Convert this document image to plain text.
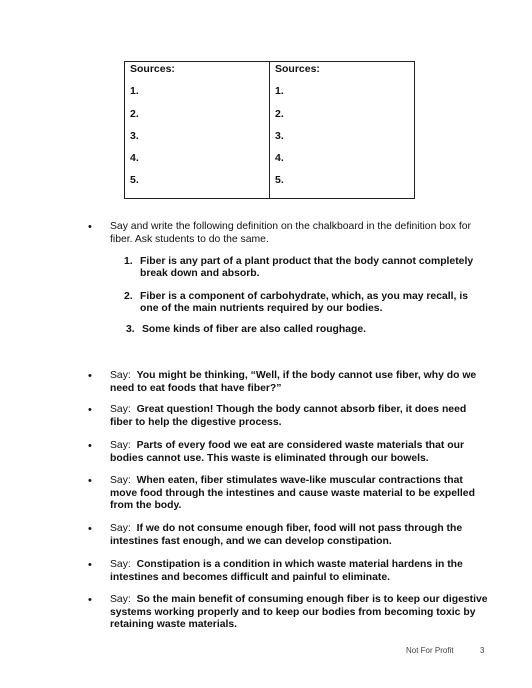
Sources:
1.
2.
3.
4.
5.

Sources:
1.
2.
3.
4.
5.
•	Say and write the following definition on the chalkboard in the definition box for fiber. Ask students to do the same.
1. Fiber is any part of a plant product that the body cannot completely break down and absorb.
2. Fiber is a component of carbohydrate, which, as you may recall, is one of the main nutrients required by our bodies.
3. Some kinds of fiber are also called roughage.
•	Say: You might be thinking, “Well, if the body cannot use fiber, why do we need to eat foods that have fiber?”
•	Say: Great question! Though the body cannot absorb fiber, it does need fiber to help the digestive process.
•	Say: Parts of every food we eat are considered waste materials that our bodies cannot use. This waste is eliminated through our bowels.
•	Say: When eaten, fiber stimulates wave-like muscular contractions that move food through the intestines and cause waste material to be expelled from the body.
•	Say: If we do not consume enough fiber, food will not pass through the intestines fast enough, and we can develop constipation.
•	Say: Constipation is a condition in which waste material hardens in the intestines and becomes difficult and painful to eliminate.
•	Say: So the main benefit of consuming enough fiber is to keep our digestive systems working properly and to keep our bodies from becoming toxic by retaining waste materials.
Not For Profit	3
